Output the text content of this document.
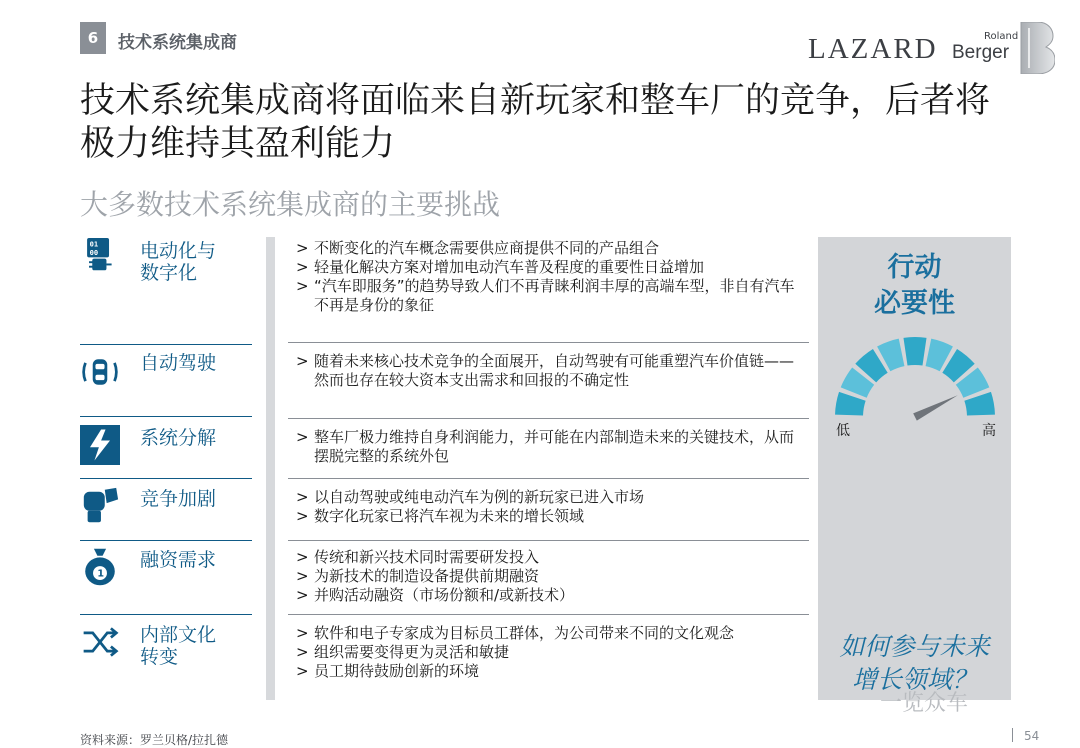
6	技术系统集成商	LAZARD	Roland
Berger
技术系统集成商将面临来自新玩家和整车厂的竞争，后者将极力维持其盈利能力
大多数技术系统集成商的主要挑战
01
00 电动化与
数字化
> 不断变化的汽车概念需要供应商提供不同的产品组合
> 轻量化解决方案对增加电动汽车普及程度的重要性日益增加
> “汽车即服务”的趋势导致人们不再青睐利润丰厚的高端车型，非自有汽车不再是身份的象征
自动驾驶	> 随着未来核心技术竞争的全面展开，自动驾驶有可能重塑汽车价值链——然而也存在较大资本支出需求和回报的不确定性
系统分解	> 整车厂极力维持自身利润能力，并可能在内部制造未来的关键技术，从而摆脱完整的系统外包
竞争加剧	> 以自动驾驶或纯电动汽车为例的新玩家已进入市场
> 数字化玩家已将汽车视为未来的增长领域
1
融资需求	> 传统和新兴技术同时需要研发投入
> 为新技术的制造设备提供前期融资
> 并购活动融资（市场份额和/或新技术）
内部文化
转变
> 软件和电子专家成为目标员工群体，为公司带来不同的文化观念
> 组织需要变得更为灵活和敏捷
> 员工期待鼓励创新的环境
行动
必要性
低	高
如何参与未来
增长领域？
资料来源：罗兰贝格/拉扎德	54
一览众车
